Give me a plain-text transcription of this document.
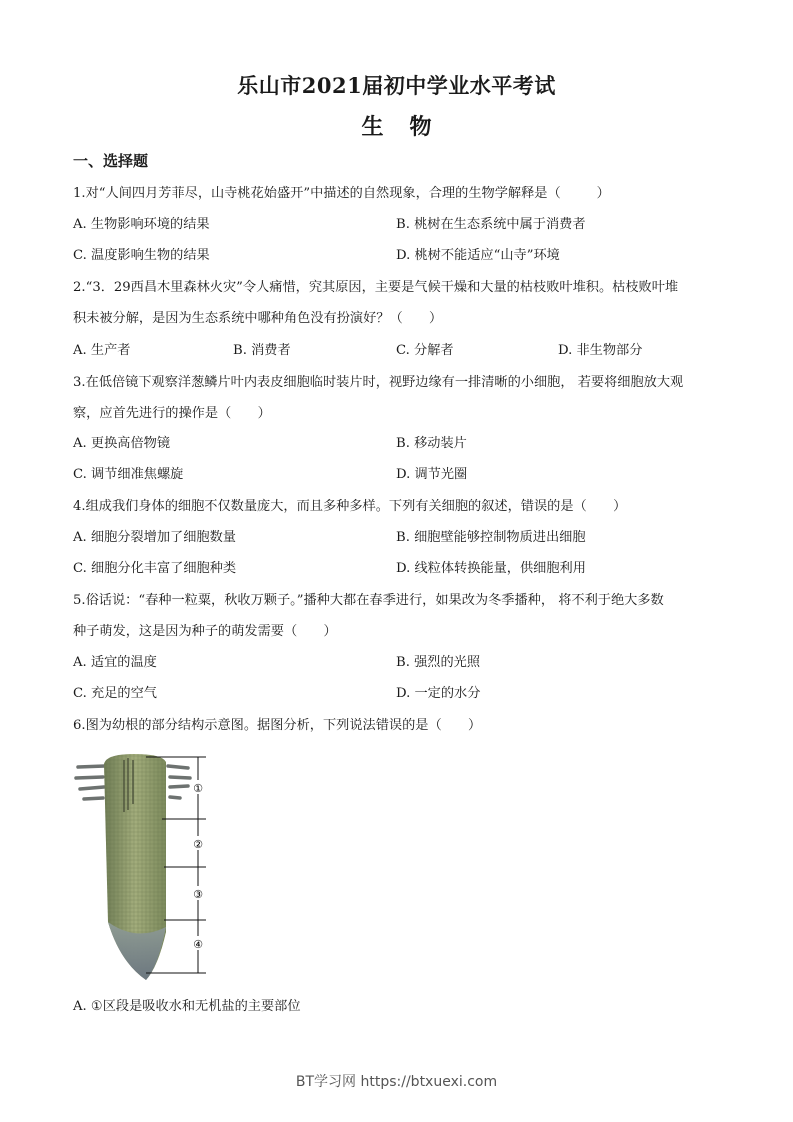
乐山市2021届初中学业水平考试
生 物
一、选择题
1.对“人间四月芳菲尽，山寺桃花始盛开”中描述的自然现象，合理的生物学解释是（	）
A. 生物影响环境的结果	B. 桃树在生态系统中属于消费者
C. 温度影响生物的结果	D. 桃树不能适应“山寺”环境
2.“3．29西昌木里森林火灾”令人痛惜，究其原因，主要是气候干燥和大量的枯枝败叶堆积。枯枝败叶堆
积未被分解，是因为生态系统中哪种角色没有扮演好？（　　）
A. 生产者	B. 消费者	C. 分解者	D. 非生物部分
3.在低倍镜下观察洋葱鳞片叶内表皮细胞临时装片时，视野边缘有一排清晰的小细胞， 若要将细胞放大观
察，应首先进行的操作是（　　）
A. 更换高倍物镜	B. 移动装片
C. 调节细准焦螺旋	D. 调节光圈
4.组成我们身体的细胞不仅数量庞大，而且多种多样。下列有关细胞的叙述，错误的是（　　）
A. 细胞分裂增加了细胞数量	B. 细胞壁能够控制物质进出细胞
C. 细胞分化丰富了细胞种类	D. 线粒体转换能量，供细胞利用
5.俗话说：“春种一粒粟，秋收万颗子。”播种大都在春季进行，如果改为冬季播种， 将不利于绝大多数
种子萌发，这是因为种子的萌发需要（　　）
A. 适宜的温度	B. 强烈的光照
C. 充足的空气	D. 一定的水分
6.图为幼根的部分结构示意图。据图分析，下列说法错误的是（　　）
①
②
③
④
A. ①区段是吸收水和无机盐的主要部位
BT学习网 https://btxuexi.com
